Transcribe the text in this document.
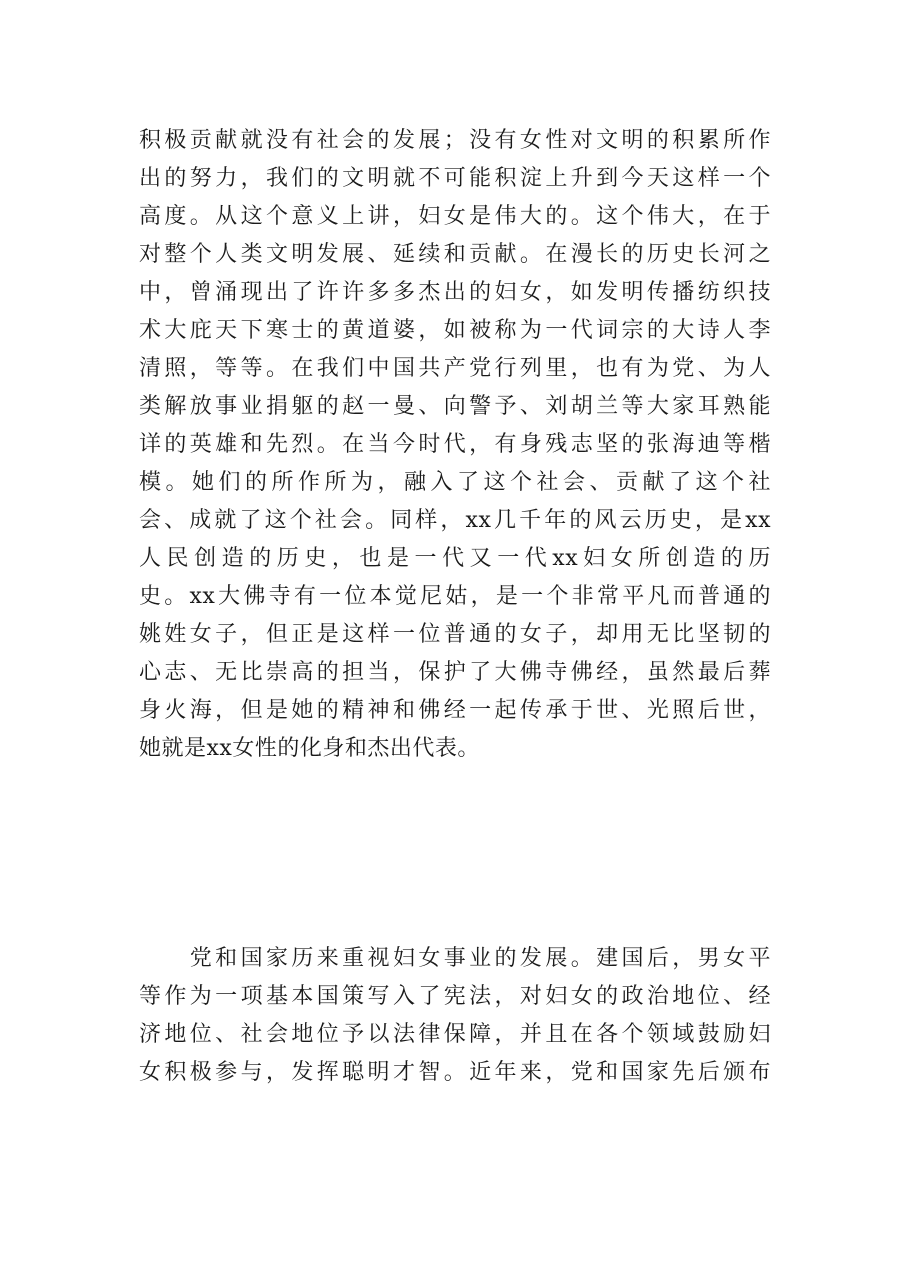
积极贡献就没有社会的发展；没有女性对文明的积累所作
出的努力，我们的文明就不可能积淀上升到今天这样一个
高度。从这个意义上讲，妇女是伟大的。这个伟大，在于
对整个人类文明发展、延续和贡献。在漫长的历史长河之
中，曾涌现出了许许多多杰出的妇女，如发明传播纺织技
术大庇天下寒士的黄道婆，如被称为一代词宗的大诗人李
清照，等等。在我们中国共产党行列里，也有为党、为人
类解放事业捐躯的赵一曼、向警予、刘胡兰等大家耳熟能
详的英雄和先烈。在当今时代，有身残志坚的张海迪等楷
模。她们的所作所为，融入了这个社会、贡献了这个社
会、成就了这个社会。同样，xx几千年的风云历史，是xx
人民创造的历史，也是一代又一代xx妇女所创造的历
史。xx大佛寺有一位本觉尼姑，是一个非常平凡而普通的
姚姓女子，但正是这样一位普通的女子，却用无比坚韧的
心志、无比崇高的担当，保护了大佛寺佛经，虽然最后葬
身火海，但是她的精神和佛经一起传承于世、光照后世，
她就是xx女性的化身和杰出代表。
　　党和国家历来重视妇女事业的发展。建国后，男女平
等作为一项基本国策写入了宪法，对妇女的政治地位、经
济地位、社会地位予以法律保障，并且在各个领域鼓励妇
女积极参与，发挥聪明才智。近年来，党和国家先后颁布
